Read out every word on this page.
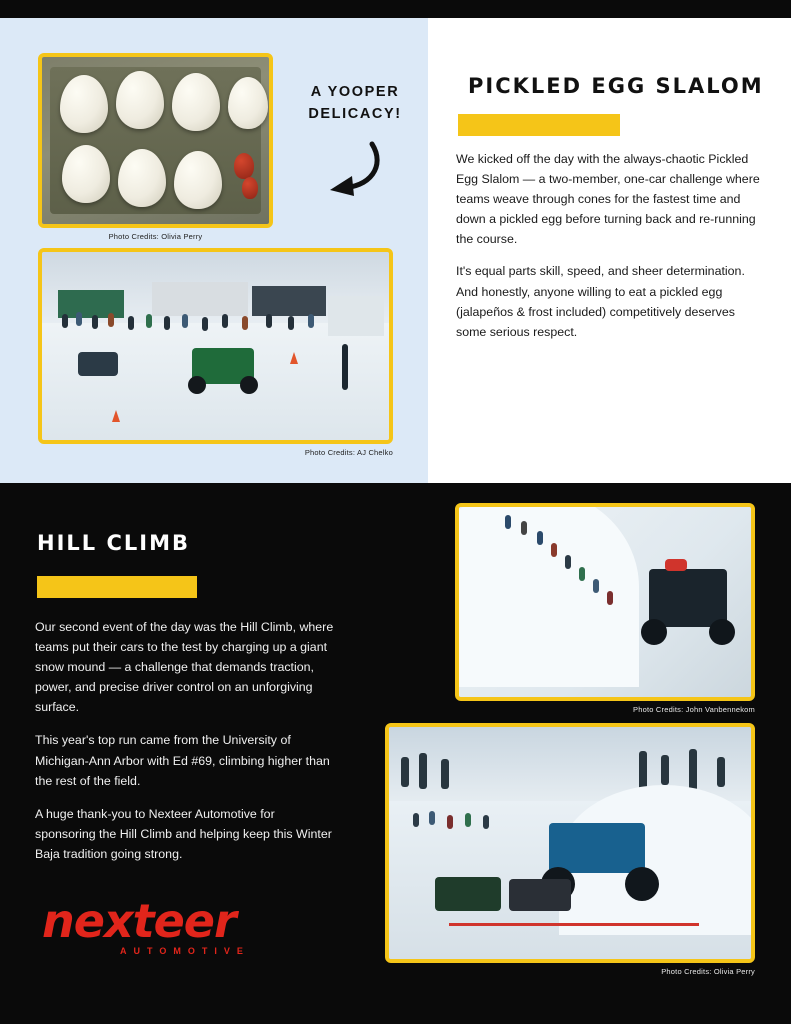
Photo Credits: Olivia Perry
A YOOPER DELICACY!
Photo Credits: AJ Chelko
PICKLED EGG SLALOM

We kicked off the day with the always-chaotic Pickled Egg Slalom — a two-member, one-car challenge where teams weave through cones for the fastest time and down a pickled egg before turning back and re-running the course.

It's equal parts skill, speed, and sheer determination. And honestly, anyone willing to eat a pickled egg (jalapeños & frost included) competitively deserves some serious respect.

HILL CLIMB

Our second event of the day was the Hill Climb, where teams put their cars to the test by charging up a giant snow mound — a challenge that demands traction, power, and precise driver control on an unforgiving surface.

This year's top run came from the University of Michigan-Ann Arbor with Ed #69, climbing higher than the rest of the field.

A huge thank-you to Nexteer Automotive for sponsoring the Hill Climb and helping keep this Winter Baja tradition going strong.

Photo Credits: John Vanbennekom
Photo Credits: Olivia Perry
nexteer
AUTOMOTIVE
